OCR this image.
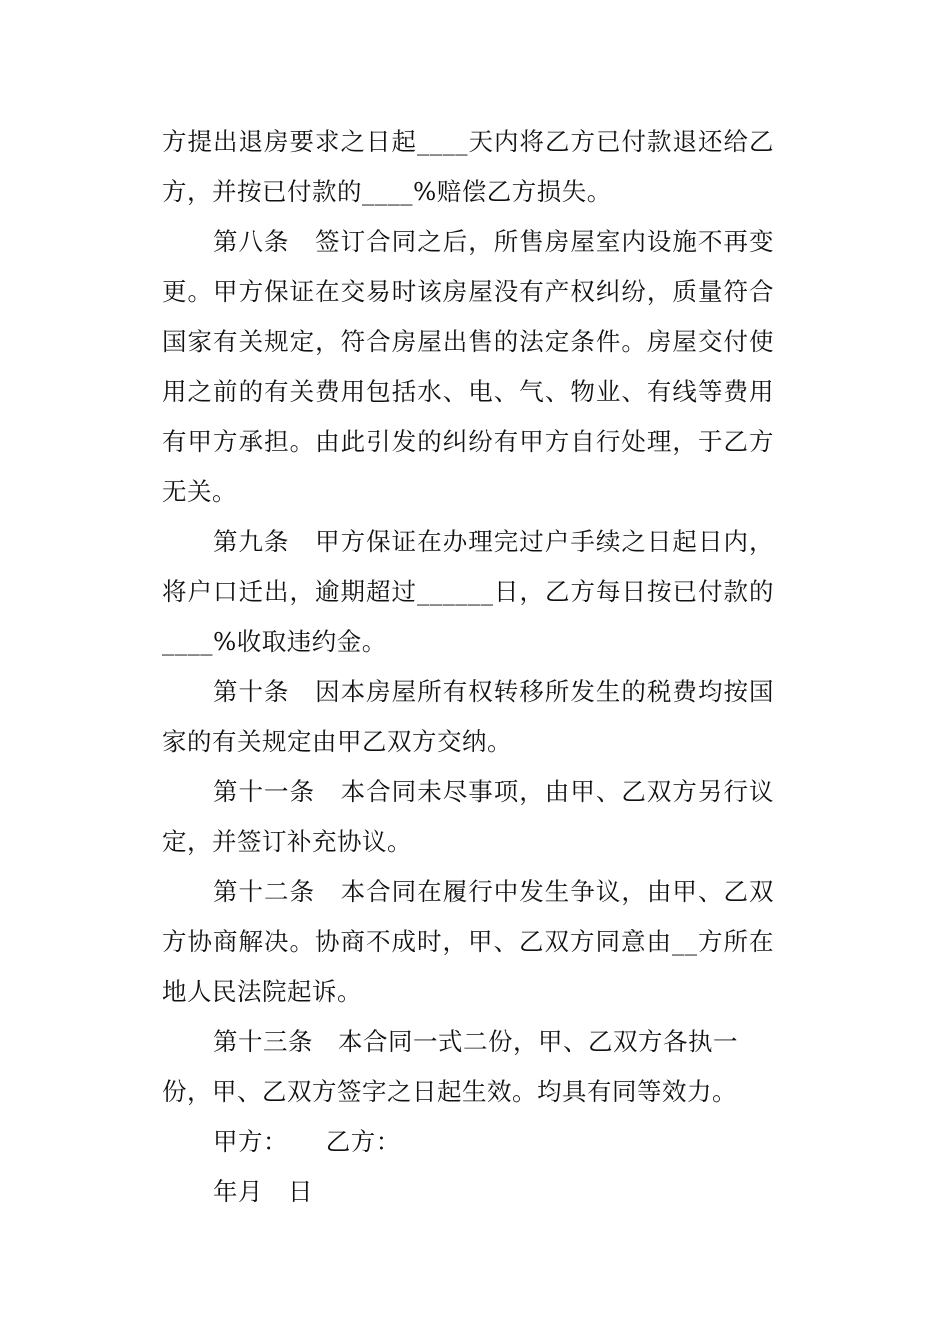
方提出退房要求之日起____天内将乙方已付款退还给乙
方，并按已付款的____%赔偿乙方损失。
第八条　签订合同之后，所售房屋室内设施不再变
更。甲方保证在交易时该房屋没有产权纠纷，质量符合
国家有关规定，符合房屋出售的法定条件。房屋交付使
用之前的有关费用包括水、电、气、物业、有线等费用
有甲方承担。由此引发的纠纷有甲方自行处理，于乙方
无关。
第九条　甲方保证在办理完过户手续之日起日内，
将户口迁出，逾期超过______日，乙方每日按已付款的
____%收取违约金。
第十条　因本房屋所有权转移所发生的税费均按国
家的有关规定由甲乙双方交纳。
第十一条　本合同未尽事项，由甲、乙双方另行议
定，并签订补充协议。
第十二条　本合同在履行中发生争议，由甲、乙双
方协商解决。协商不成时，甲、乙双方同意由__方所在
地人民法院起诉。
第十三条　本合同一式二份，甲、乙双方各执一
份，甲、乙双方签字之日起生效。均具有同等效力。
甲方：　　乙方：
年月　日
